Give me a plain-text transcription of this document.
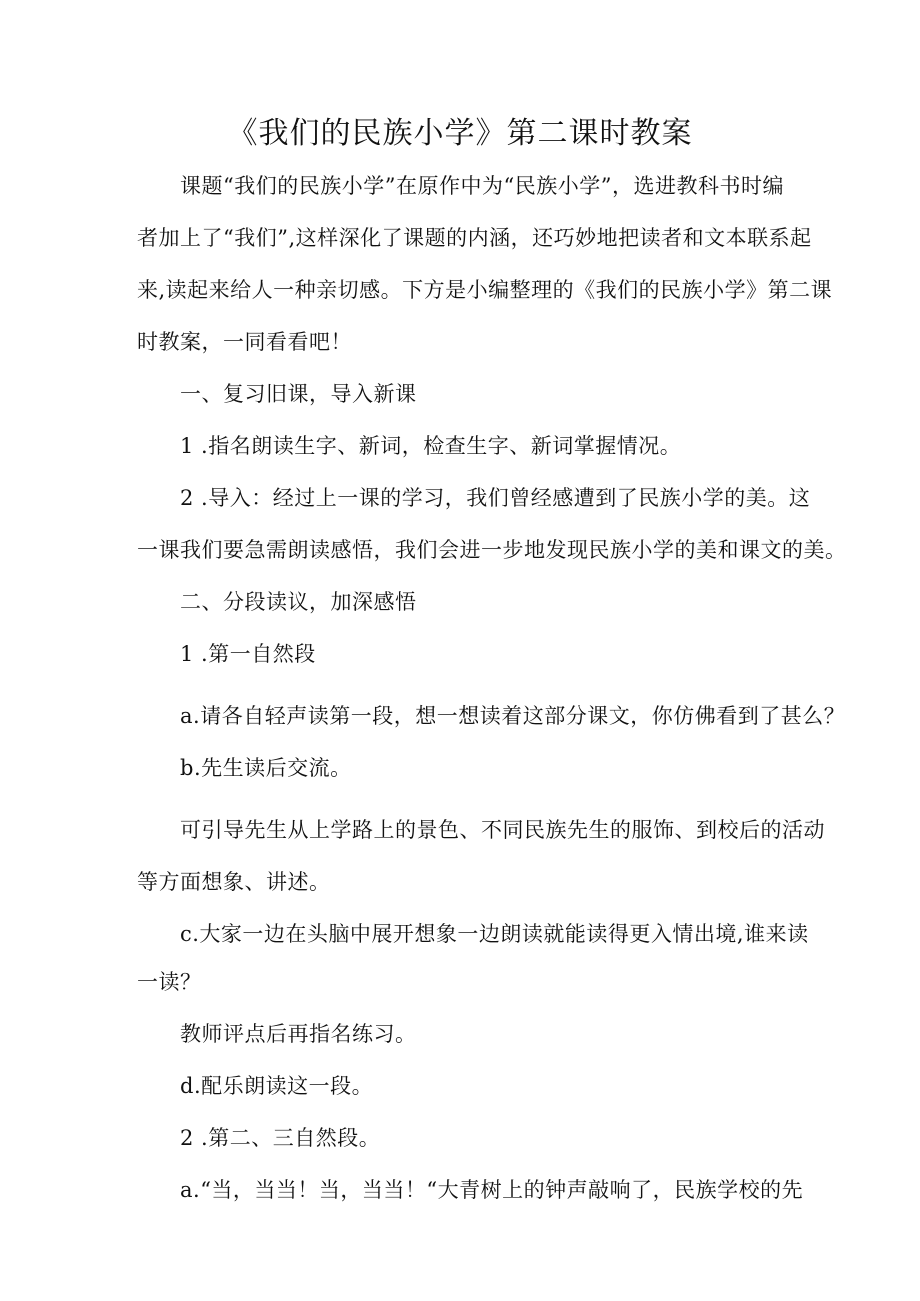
《我们的民族小学》第二课时教案
课题“我们的民族小学”在原作中为“民族小学”，选进教科书时编
者加上了“我们”,这样深化了课题的内涵，还巧妙地把读者和文本联系起
来,读起来给人一种亲切感。下方是小编整理的《我们的民族小学》第二课
时教案，一同看看吧！
一、复习旧课，导入新课
1 .指名朗读生字、新词，检查生字、新词掌握情况。
2 .导入：经过上一课的学习，我们曾经感遭到了民族小学的美。这
一课我们要急需朗读感悟，我们会进一步地发现民族小学的美和课文的美。
二、分段读议，加深感悟
1 .第一自然段
a.请各自轻声读第一段，想一想读着这部分课文，你仿佛看到了甚么？
b.先生读后交流。
可引导先生从上学路上的景色、不同民族先生的服饰、到校后的活动
等方面想象、讲述。
c.大家一边在头脑中展开想象一边朗读就能读得更入情出境,谁来读
一读？
教师评点后再指名练习。
d.配乐朗读这一段。
2 .第二、三自然段。
a.“当，当当！当，当当！“大青树上的钟声敲响了，民族学校的先
